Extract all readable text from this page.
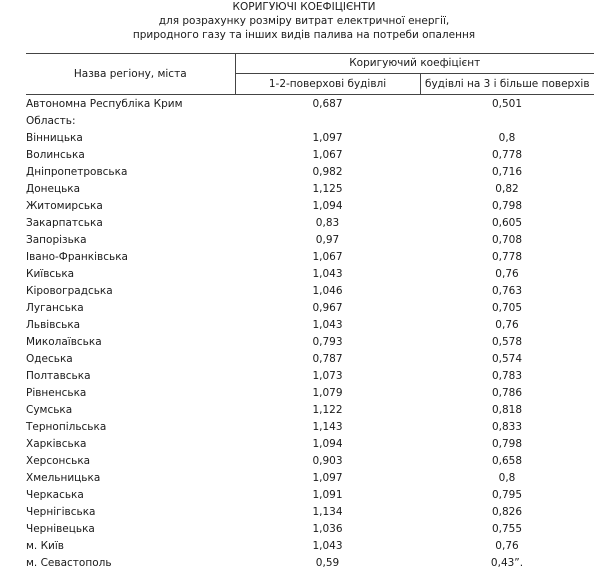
КОРИГУЮЧІ КОЕФІЦІЄНТИ
для розрахунку розміру витрат електричної енергії,
природного газу та інших видів палива на потреби опалення
Назва регіону, міста	Коригуючий коефіцієнт	
	1-2-поверхові будівлі	будівлі на 3 і більше поверхів
Автономна Республіка Крим	0,687	0,501
Область:		
Вінницька	1,097	0,8
Волинська	1,067	0,778
Дніпропетровська	0,982	0,716
Донецька	1,125	0,82
Житомирська	1,094	0,798
Закарпатська	0,83	0,605
Запорізька	0,97	0,708
Івано-Франківська	1,067	0,778
Київська	1,043	0,76
Кіровоградська	1,046	0,763
Луганська	0,967	0,705
Львівська	1,043	0,76
Миколаївська	0,793	0,578
Одеська	0,787	0,574
Полтавська	1,073	0,783
Рівненська	1,079	0,786
Сумська	1,122	0,818
Тернопільська	1,143	0,833
Харківська	1,094	0,798
Херсонська	0,903	0,658
Хмельницька	1,097	0,8
Черкаська	1,091	0,795
Чернігівська	1,134	0,826
Чернівецька	1,036	0,755
м. Київ	1,043	0,76
м. Севастополь	0,59	0,43”.
